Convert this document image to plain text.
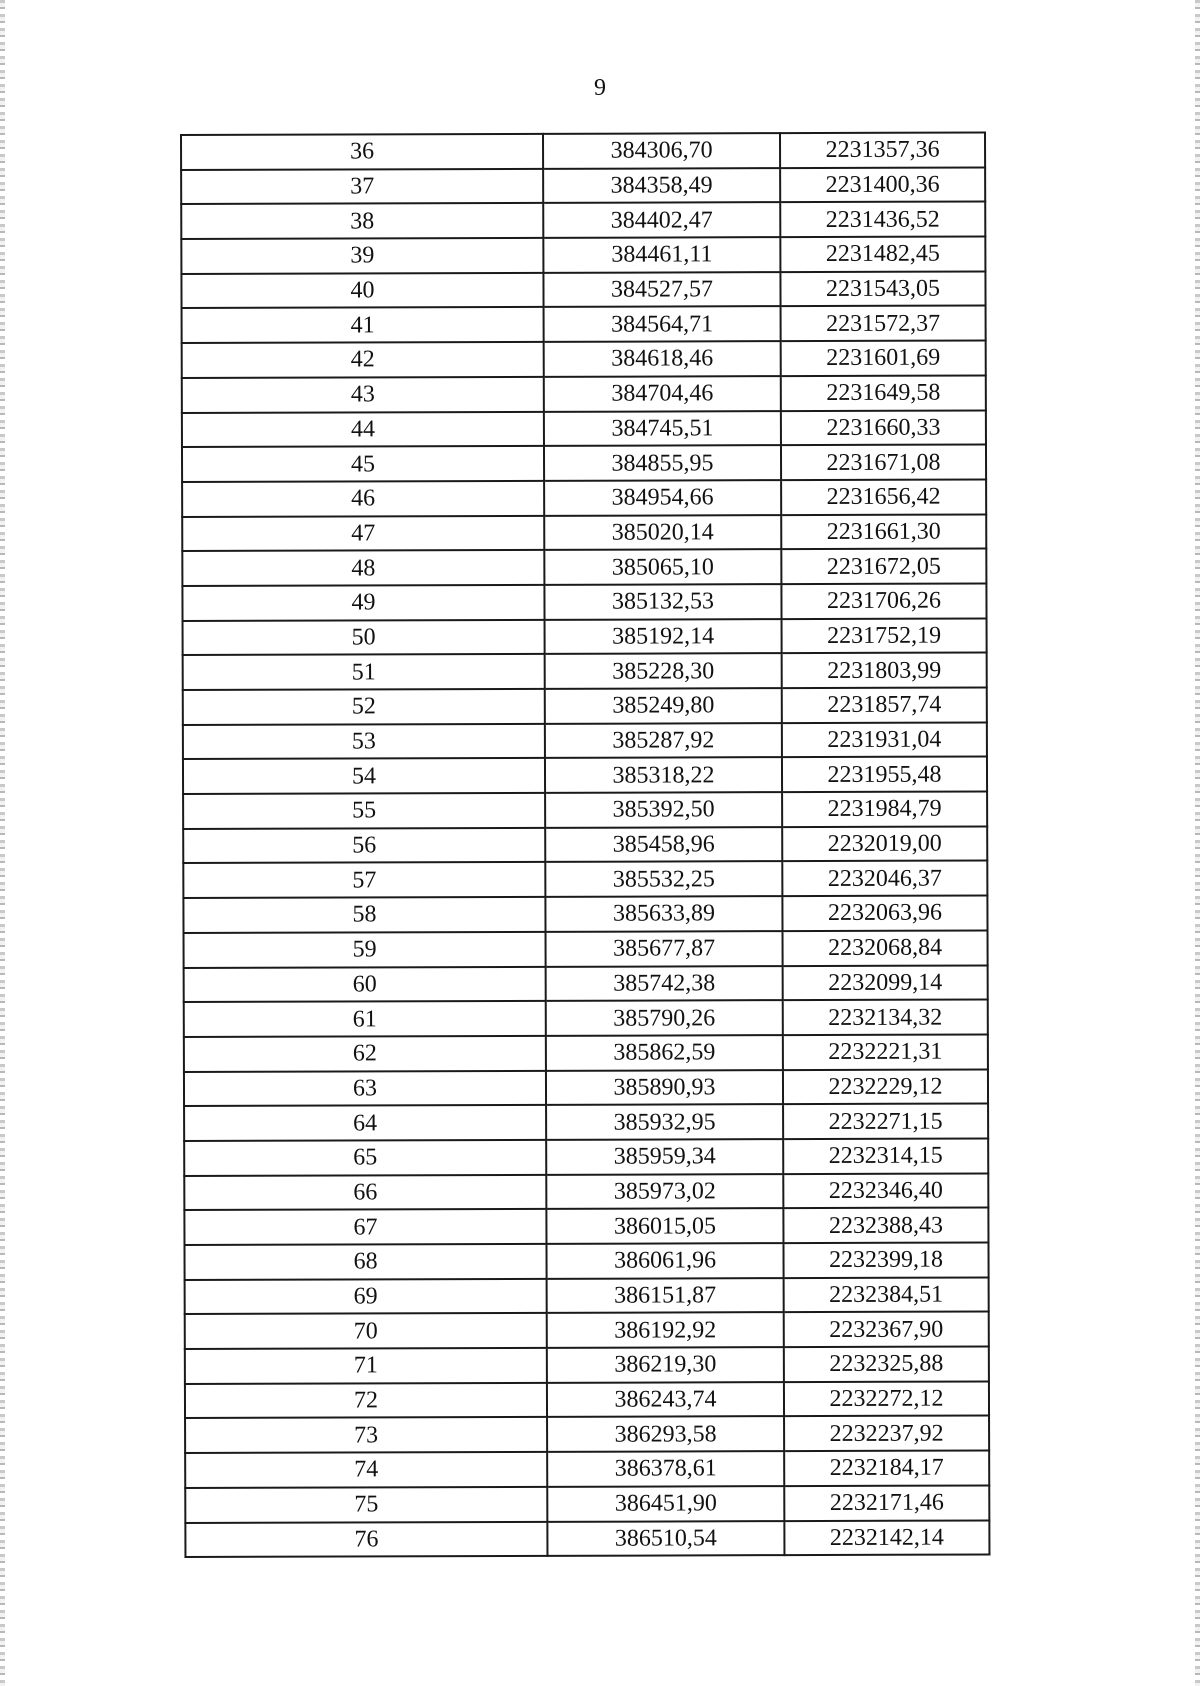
9
36	384306,70	2231357,36
37	384358,49	2231400,36
38	384402,47	2231436,52
39	384461,11	2231482,45
40	384527,57	2231543,05
41	384564,71	2231572,37
42	384618,46	2231601,69
43	384704,46	2231649,58
44	384745,51	2231660,33
45	384855,95	2231671,08
46	384954,66	2231656,42
47	385020,14	2231661,30
48	385065,10	2231672,05
49	385132,53	2231706,26
50	385192,14	2231752,19
51	385228,30	2231803,99
52	385249,80	2231857,74
53	385287,92	2231931,04
54	385318,22	2231955,48
55	385392,50	2231984,79
56	385458,96	2232019,00
57	385532,25	2232046,37
58	385633,89	2232063,96
59	385677,87	2232068,84
60	385742,38	2232099,14
61	385790,26	2232134,32
62	385862,59	2232221,31
63	385890,93	2232229,12
64	385932,95	2232271,15
65	385959,34	2232314,15
66	385973,02	2232346,40
67	386015,05	2232388,43
68	386061,96	2232399,18
69	386151,87	2232384,51
70	386192,92	2232367,90
71	386219,30	2232325,88
72	386243,74	2232272,12
73	386293,58	2232237,92
74	386378,61	2232184,17
75	386451,90	2232171,46
76	386510,54	2232142,14
